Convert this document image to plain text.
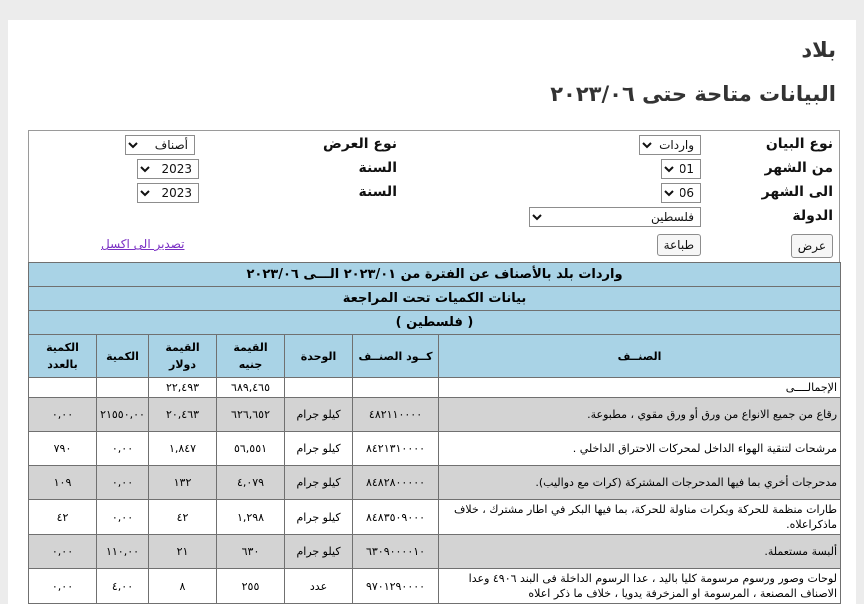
بلاد
البيانات متاحة حتى ٢٠٢٣/٠٦
نوع البيان
واردات
من الشهر
01
الى الشهر
06
الدولة
فلسطين
عرض
طباعة
نوع العرض
أصناف
السنة
2023
السنة
2023
تصدير الى اكسل
واردات بلد بالأصناف عن الفترة من ٢٠٢٣/٠١ الـــى ٢٠٢٣/٠٦						
بيانات الكميات تحت المراجعة						
( فلسطين )						
الصنــف	كــود الصنــف	الوحدة	القيمة جنيه	القيمة دولار	الكمية	الكمية بالعدد
الإجمالــــى			٦٨٩,٤٦٥	٢٢,٤٩٣		
رقاع من جميع الانواع من ورق أو ورق مقوي ، مطبوعة.	٤٨٢١١٠٠٠٠	كيلو جرام	٦٢٦,٦٥٢	٢٠,٤٦٣	٢١٥٥٠,٠٠	٠,٠٠
مرشحات لتنقية الهواء الداخل لمحركات الاحتراق الداخلي .	٨٤٢١٣١٠٠٠٠	كيلو جرام	٥٦,٥٥١	١,٨٤٧	٠,٠٠	٧٩٠
مدحرجات أخري بما فيها المدحرجات المشتركة (كرات مع دواليب).	٨٤٨٢٨٠٠٠٠٠	كيلو جرام	٤,٠٧٩	١٣٢	٠,٠٠	١٠٩
طارات منظمة للحركة وبكرات مناولة للحركة، بما فيها البكر في اطار مشترك ، خلاف ماذكراعلاه.	٨٤٨٣٥٠٩٠٠٠	كيلو جرام	١,٢٩٨	٤٢	٠,٠٠	٤٢
ألبسة مستعملة.	٦٣٠٩٠٠٠٠١٠	كيلو جرام	٦٣٠	٢١	١١٠,٠٠	٠,٠٠
لوحات وصور ورسوم مرسومة كليا باليد ، عدا الرسوم الداخلة فى البند ٤٩٠٦ وعدا الاصناف المصنعة ، المرسومة او المزخرفة يدويا ، خلاف ما ذكر اعلاه	٩٧٠١٢٩٠٠٠٠	عدد	٢٥٥	٨	٤,٠٠	٠,٠٠
